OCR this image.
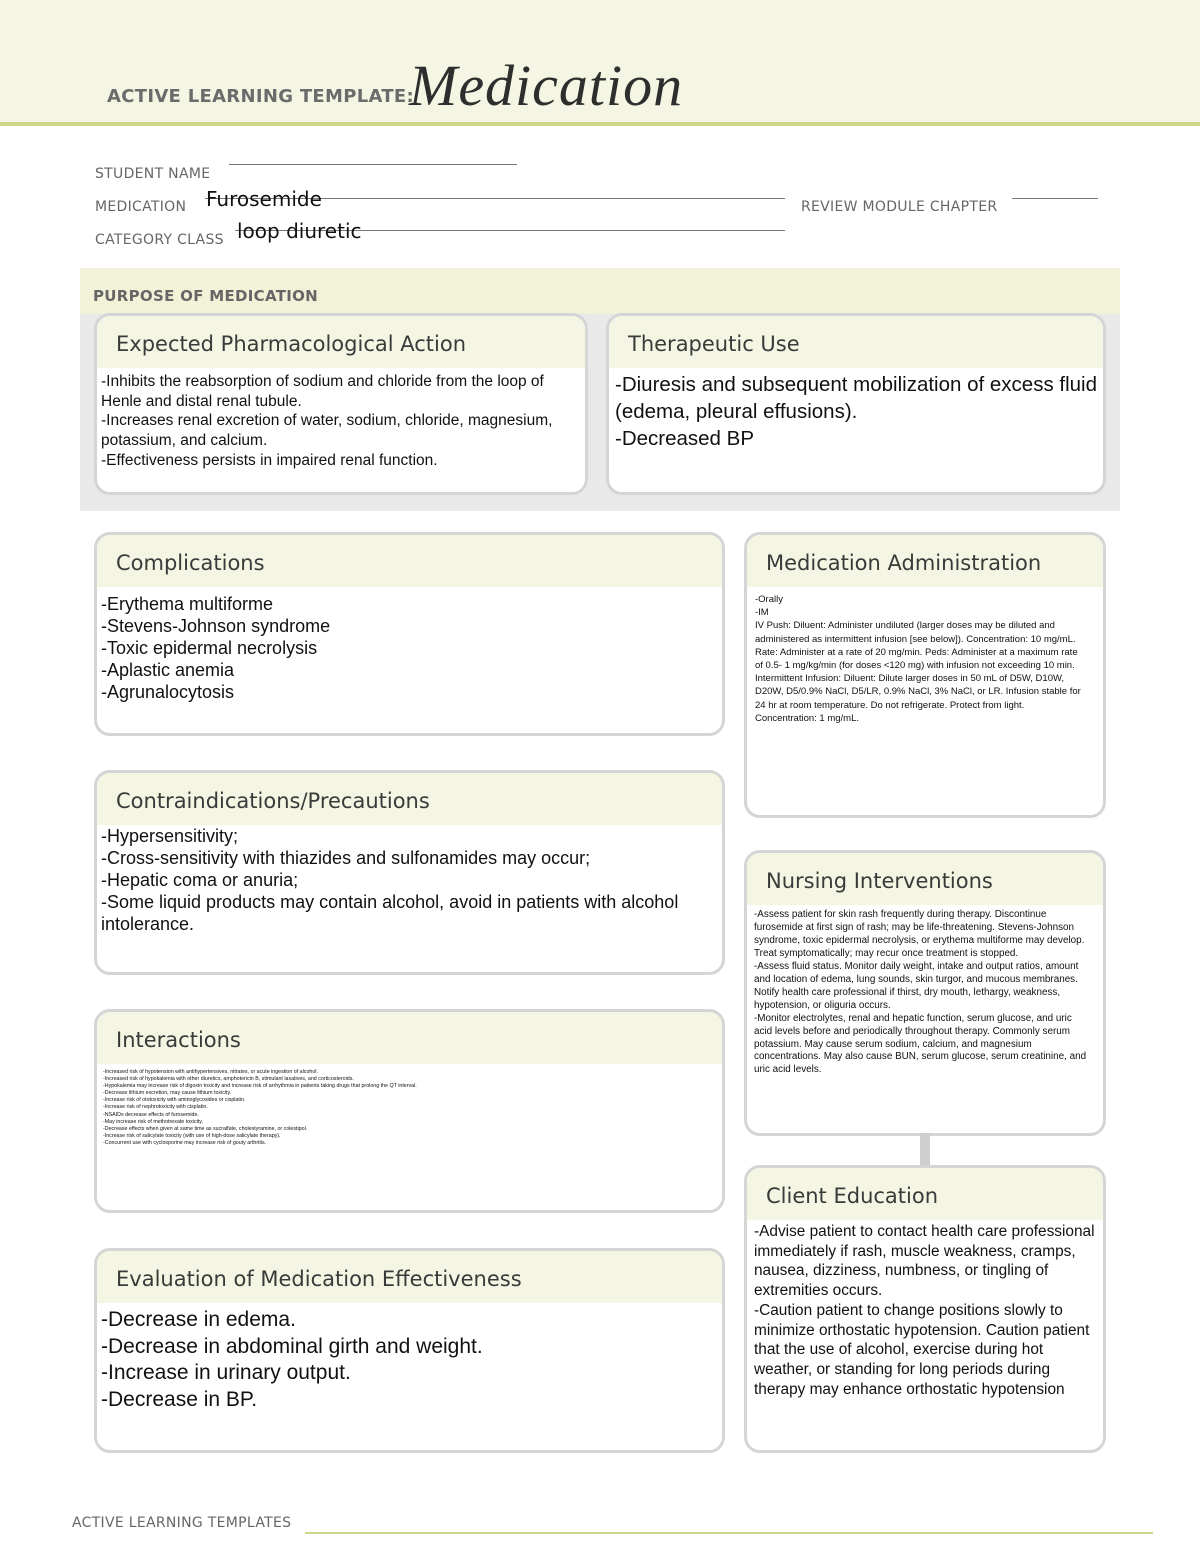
ACTIVE LEARNING TEMPLATE:
Medication
STUDENT NAME
MEDICATION Furosemide	REVIEW MODULE CHAPTER
CATEGORY CLASS loop diuretic
PURPOSE OF MEDICATION
Expected Pharmacological Action

-Inhibits the reabsorption of sodium and chloride from the loop of Henle and distal renal tubule.
-Increases renal excretion of water, sodium, chloride, magnesium, potassium, and calcium.
-Effectiveness persists in impaired renal function.

Therapeutic Use

-Diuresis and subsequent mobilization of excess fluid (edema, pleural effusions).
-Decreased BP

Complications

-Erythema multiforme
-Stevens-Johnson syndrome
-Toxic epidermal necrolysis
-Aplastic anemia
-Agrunalocytosis

Medication Administration

-Orally
-IM
IV Push: Diluent: Administer undiluted (larger doses may be diluted and administered as intermittent infusion [see below]). Concentration: 10 mg/mL.
Rate: Administer at a rate of 20 mg/min. Peds: Administer at a maximum rate of 0.5- 1 mg/kg/min (for doses <120 mg) with infusion not exceeding 10 min.
Intermittent Infusion: Diluent: Dilute larger doses in 50 mL of D5W, D10W, D20W, D5/0.9% NaCl, D5/LR, 0.9% NaCl, 3% NaCl, or LR. Infusion stable for 24 hr at room temperature. Do not refrigerate. Protect from light. Concentration: 1 mg/mL.

Contraindications/Precautions

-Hypersensitivity;
-Cross-sensitivity with thiazides and sulfonamides may occur;
-Hepatic coma or anuria;
-Some liquid products may contain alcohol, avoid in patients with alcohol intolerance.

Nursing Interventions

-Assess patient for skin rash frequently during therapy. Discontinue furosemide at first sign of rash; may be life-threatening. Stevens-Johnson syndrome, toxic epidermal necrolysis, or erythema multiforme may develop. Treat symptomatically; may recur once treatment is stopped.
-Assess fluid status. Monitor daily weight, intake and output ratios, amount and location of edema, lung sounds, skin turgor, and mucous membranes. Notify health care professional if thirst, dry mouth, lethargy, weakness, hypotension, or oliguria occurs.
-Monitor electrolytes, renal and hepatic function, serum glucose, and uric acid levels before and periodically throughout therapy. Commonly serum potassium. May cause serum sodium, calcium, and magnesium concentrations. May also cause BUN, serum glucose, serum creatinine, and uric acid levels.

Interactions

-Increased risk of hypotension with antihypertensives, nitrates, or acute ingestion of alcohol.
-Increased risk of hypokalemia with other diuretics, amphotericin B, stimulant laxatives, and corticosteroids.
-Hypokalemia may increase risk of digoxin toxicity and increase risk of arrhythmia in patients taking drugs that prolong the QT interval.
-Decrease lithium excretion, may cause lithium toxicity.
-Increase risk of ototoxicity with aminoglycosides or cisplatin.
-Increase risk of nephrotoxicity with cisplatin.
-NSAIDs decrease effects of furosemide.
-May increase risk of methotrexate toxicity.
-Decrease effects when given at same time as sucralfate, cholestyramine, or colestipol.
-Increase risk of salicylate toxicity (with use of high-dose salicylate therapy).
-Concurrent use with cyclosporine may increase risk of gouty arthritis.

Client Education

-Advise patient to contact health care professional immediately if rash, muscle weakness, cramps, nausea, dizziness, numbness, or tingling of extremities occurs.
-Caution patient to change positions slowly to minimize orthostatic hypotension. Caution patient that the use of alcohol, exercise during hot weather, or standing for long periods during therapy may enhance orthostatic hypotension

Evaluation of Medication Effectiveness

-Decrease in edema.
-Decrease in abdominal girth and weight.
-Increase in urinary output.
-Decrease in BP.

ACTIVE LEARNING TEMPLATES
